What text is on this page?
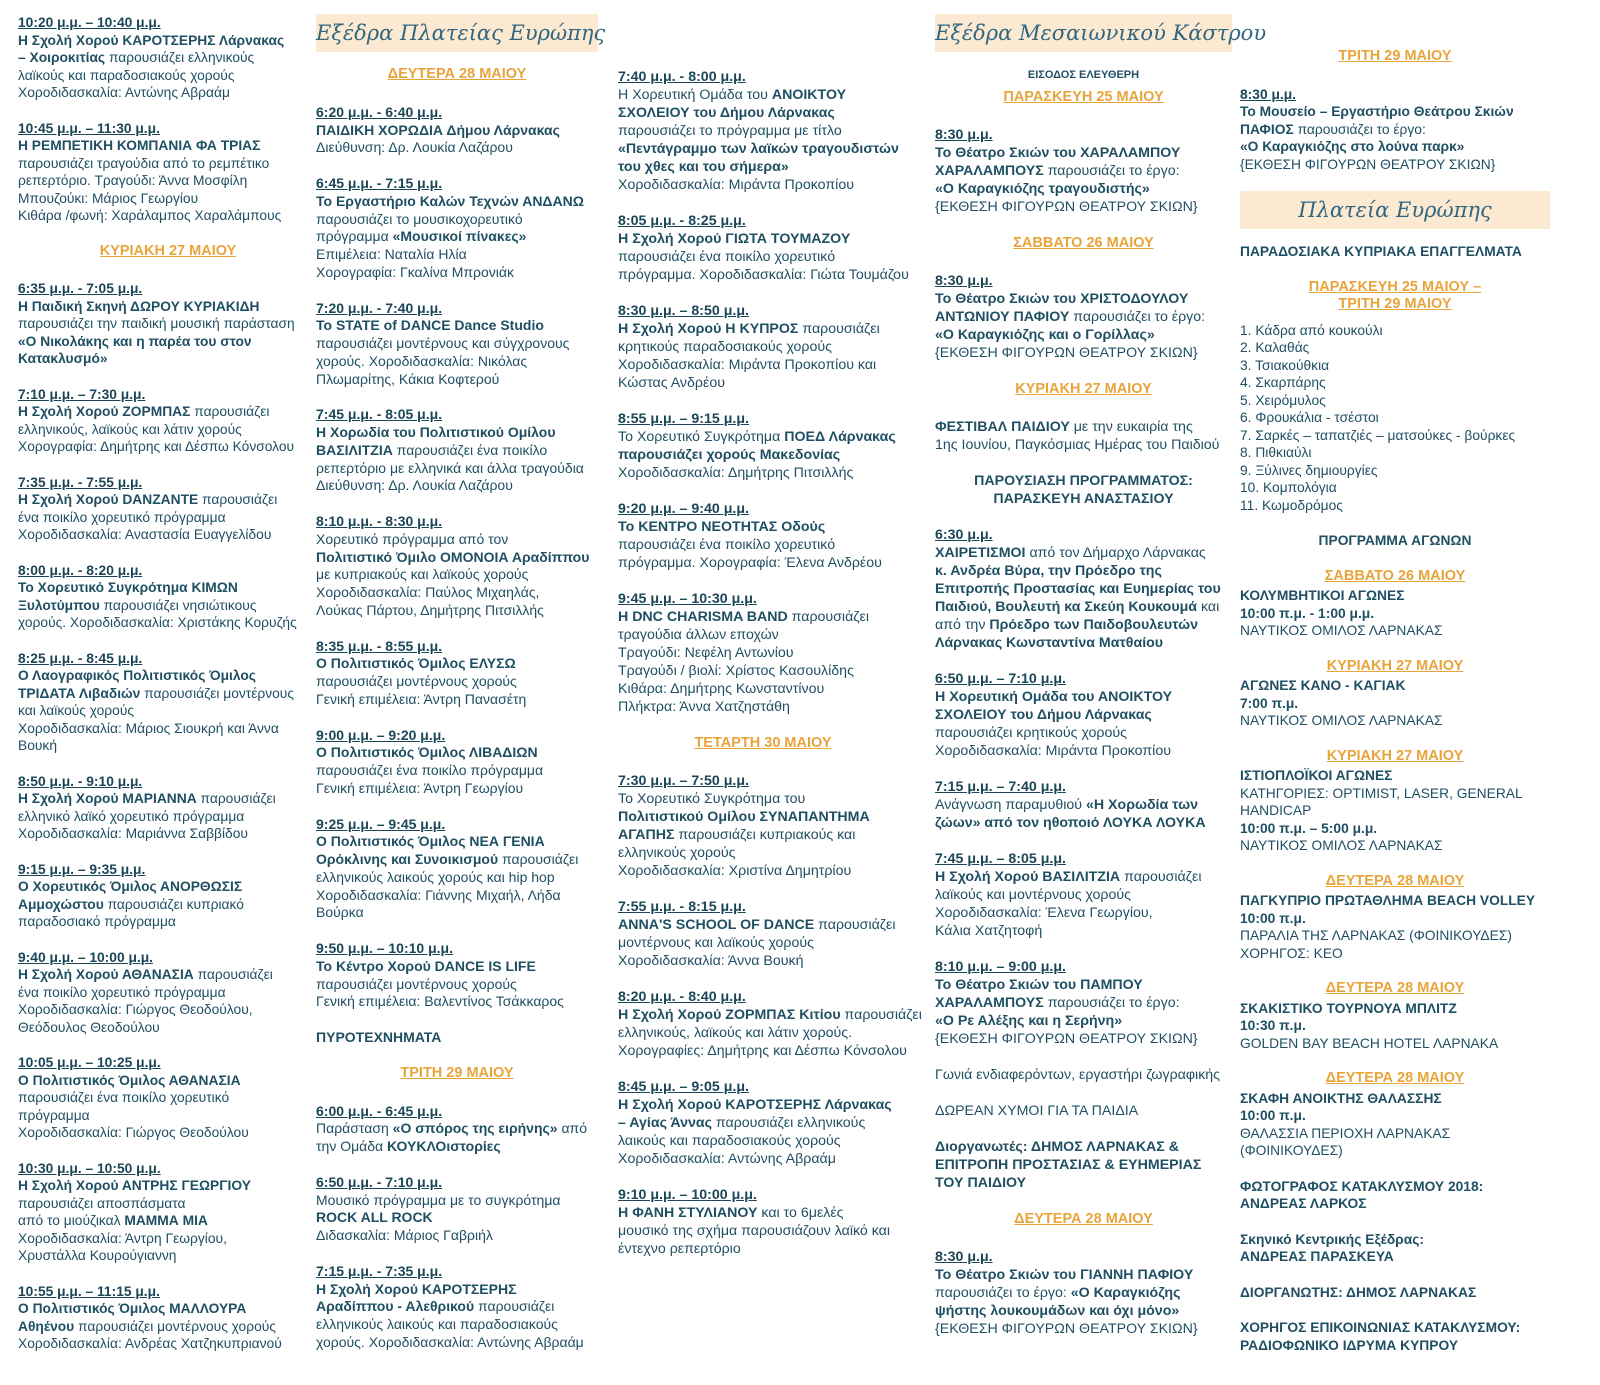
10:20 μ.μ. – 10:40 μ.μ.
Η Σχολή Χορού ΚΑΡΟΤΣΕΡΗΣ Λάρνακας
– Χοιροκιτίας παρουσιάζει ελληνικούς
λαϊκούς και παραδοσιακούς χορούς
Χοροδιδασκαλία: Αντώνης Αβραάμ
10:45 μ.μ. – 11:30 μ.μ.
Η ΡΕΜΠΕΤΙΚΗ ΚΟΜΠΑΝΙΑ ΦΑ ΤΡΙΑΣ
παρουσιάζει τραγούδια από το ρεμπέτικο
ρεπερτόριο. Τραγούδι: Άννα Μοσφίλη
Μπουζούκι: Μάριος Γεωργίου
Κιθάρα /φωνή: Χαράλαμπος Χαραλάμπους
ΚΥΡΙΑΚΗ 27 ΜΑΙΟΥ
6:35 μ.μ. - 7:05 μ.μ.
Η Παιδική Σκηνή ΔΩΡΟΥ ΚΥΡΙΑΚΙΔΗ
παρουσιάζει την παιδική μουσική παράσταση
«Ο Νικολάκης και η παρέα του στον
Κατακλυσμό»
7:10 μ.μ. – 7:30 μ.μ.
Η Σχολή Χορού ΖΟΡΜΠΑΣ παρουσιάζει
ελληνικούς, λαϊκούς και λάτιν χορούς
Χορογραφία: Δημήτρης και Δέσπω Κόνσολου
7:35 μ.μ. - 7:55 μ.μ.
Η Σχολή Χορού DANZANTE παρουσιάζει
ένα ποικίλο χορευτικό πρόγραμμα
Χοροδιδασκαλία: Αναστασία Ευαγγελίδου
8:00 μ.μ. - 8:20 μ.μ.
Το Χορευτικό Συγκρότημα ΚΙΜΩΝ
Ξυλοτύμπου παρουσιάζει νησιώτικους
χορούς. Χοροδιδασκαλία: Χριστάκης Κορυζής
8:25 μ.μ. - 8:45 μ.μ.
Ο Λαογραφικός Πολιτιστικός Όμιλος
ΤΡΙΔΑΤΑ Λιβαδιών παρουσιάζει μοντέρνους
και λαϊκούς χορούς
Χοροδιδασκαλία: Μάριος Σιουκρή και Άννα
Βουκή
8:50 μ.μ. - 9:10 μ.μ.
Η Σχολή Χορού ΜΑΡΙΑΝΝΑ παρουσιάζει
ελληνικό λαϊκό χορευτικό πρόγραμμα
Χοροδιδασκαλία: Μαριάννα Σαββίδου
9:15 μ.μ. – 9:35 μ.μ.
Ο Χορευτικός Όμιλος ΑΝΟΡΘΩΣΙΣ
Αμμοχώστου παρουσιάζει κυπριακό
παραδοσιακό πρόγραμμα
9:40 μ.μ. – 10:00 μ.μ.
Η Σχολή Χορού ΑΘΑΝΑΣΙΑ παρουσιάζει
ένα ποικίλο χορευτικό πρόγραμμα
Χοροδιδασκαλία: Γιώργος Θεοδούλου,
Θεόδουλος Θεοδούλου
10:05 μ.μ. – 10:25 μ.μ.
Ο Πολιτιστικός Όμιλος ΑΘΑΝΑΣΙΑ
παρουσιάζει ένα ποικίλο χορευτικό
πρόγραμμα
Χοροδιδασκαλία: Γιώργος Θεοδούλου
10:30 μ.μ. – 10:50 μ.μ.
Η Σχολή Χορού ΑΝΤΡΗΣ ΓΕΩΡΓΙΟΥ
παρουσιάζει αποσπάσματα
από το μιούζικαλ ΜΑΜΜΑ ΜΙΑ
Χοροδιδασκαλία: Άντρη Γεωργίου,
Χρυστάλλα Κουρούγιαννη
10:55 μ.μ. – 11:15 μ.μ.
Ο Πολιτιστικός Όμιλος ΜΑΛΛΟΥΡΑ
Αθηένου παρουσιάζει μοντέρνους χορούς
Χοροδιδασκαλία: Ανδρέας Χατζηκυπριανού
Εξέδρα Πλατείας Ευρώπης
ΔΕΥΤΕΡΑ 28 ΜΑΙΟΥ
6:20 μ.μ. - 6:40 μ.μ.
ΠΑΙΔΙΚΗ ΧΟΡΩΔΙΑ Δήμου Λάρνακας
Διεύθυνση: Δρ. Λουκία Λαζάρου
6:45 μ.μ. - 7:15 μ.μ.
Το Εργαστήριο Καλών Τεχνών ΑΝΔΑΝΩ
παρουσιάζει το μουσικοχορευτικό
πρόγραμμα «Μουσικοί πίνακες»
Επιμέλεια: Ναταλία Ηλία
Χορογραφία: Γκαλίνα Μπρονιάκ
7:20 μ.μ. - 7:40 μ.μ.
To STATE of DANCE Dance Studio
παρουσιάζει μοντέρνους και σύγχρονους
χορούς. Χοροδιδασκαλία: Νικόλας
Πλωμαρίτης, Κάκια Κοφτερού
7:45 μ.μ. - 8:05 μ.μ.
Η Χορωδία του Πολιτιστικού Ομίλου
ΒΑΣΙΛΙΤΖΙΑ παρουσιάζει ένα ποικίλο
ρεπερτόριο με ελληνικά και άλλα τραγούδια
Διεύθυνση: Δρ. Λουκία Λαζάρου
8:10 μ.μ. - 8:30 μ.μ.
Χορευτικό πρόγραμμα από τον
Πολιτιστικό Όμιλο ΟΜΟΝΟΙΑ Αραδίππου
με κυπριακούς και λαϊκούς χορούς
Χοροδιδασκαλία: Παύλος Μιχαηλάς,
Λούκας Πάρτου, Δημήτρης Πιτσιλλής
8:35 μ.μ. - 8:55 μ.μ.
Ο Πολιτιστικός Όμιλος ΕΛΥΣΩ
παρουσιάζει μοντέρνους χορούς
Γενική επιμέλεια: Άντρη Πανασέτη
9:00 μ.μ. – 9:20 μ.μ.
Ο Πολιτιστικός Όμιλος ΛΙΒΑΔΙΩΝ
παρουσιάζει ένα ποικίλο πρόγραμμα
Γενική επιμέλεια: Άντρη Γεωργίου
9:25 μ.μ. – 9:45 μ.μ.
Ο Πολιτιστικός Όμιλος ΝΕΑ ΓΕΝΙΑ
Ορόκλινης και Συνοικισμού παρουσιάζει
ελληνικούς λαικούς χορούς και hip hop
Χοροδιδασκαλία: Γιάννης Μιχαήλ, Λήδα
Βούρκα
9:50 μ.μ. – 10:10 μ.μ.
Το Κέντρο Χορού DANCE IS LIFE
παρουσιάζει μοντέρνους χορούς
Γενική επιμέλεια: Βαλεντίνος Τσάκκαρος
ΠΥΡΟΤΕΧΝΗΜΑΤΑ
ΤΡΙΤΗ 29 ΜΑΙΟΥ
6:00 μ.μ. - 6:45 μ.μ.
Παράσταση «Ο σπόρος της ειρήνης» από
την Ομάδα ΚΟΥΚΛΟιστορίες
6:50 μ.μ. - 7:10 μ.μ.
Μουσικό πρόγραμμα με το συγκρότημα
ROCK ALL ROCK
Διδασκαλία: Μάριος Γαβριήλ
7:15 μ.μ. - 7:35 μ.μ.
Η Σχολή Χορού ΚΑΡΟΤΣΕΡΗΣ
Αραδίππου - Αλεθρικού παρουσιάζει
ελληνικούς λαικούς και παραδοσιακούς
χορούς. Χοροδιδασκαλία: Αντώνης Αβραάμ
7:40 μ.μ. - 8:00 μ.μ.
Η Χορευτική Ομάδα του ΑΝΟΙΚΤΟΥ
ΣΧΟΛΕΙΟΥ του Δήμου Λάρνακας
παρουσιάζει το πρόγραμμα με τίτλο
«Πεντάγραμμο των λαϊκών τραγουδιστών
του χθες και του σήμερα»
Χοροδιδασκαλία: Μιράντα Προκοπίου
8:05 μ.μ. - 8:25 μ.μ.
Η Σχολή Χορού ΓΙΩΤΑ ΤΟΥΜΑΖΟΥ
παρουσιάζει ένα ποικίλο χορευτικό
πρόγραμμα. Χοροδιδασκαλία: Γιώτα Τουμάζου
8:30 μ.μ. – 8:50 μ.μ.
Η Σχολή Χορού Η ΚΥΠΡΟΣ παρουσιάζει
κρητικούς παραδοσιακούς χορούς
Χοροδιδασκαλία: Μιράντα Προκοπίου και
Κώστας Ανδρέου
8:55 μ.μ. – 9:15 μ.μ.
Το Χορευτικό Συγκρότημα ΠΟΕΔ Λάρνακας
παρουσιάζει χορούς Μακεδονίας
Χοροδιδασκαλία: Δημήτρης Πιτσιλλής
9:20 μ.μ. – 9:40 μ.μ.
Το ΚΕΝΤΡΟ ΝΕΟΤΗΤΑΣ Οδούς
παρουσιάζει ένα ποικίλο χορευτικό
πρόγραμμα. Χορογραφία: Έλενα Ανδρέου
9:45 μ.μ. – 10:30 μ.μ.
Η DNC CHARISMA BAND παρουσιάζει
τραγούδια άλλων εποχών
Τραγούδι: Νεφέλη Αντωνίου
Τραγούδι / βιολί: Χρίστος Κασουλίδης
Κιθάρα: Δημήτρης Κωνσταντίνου
Πλήκτρα: Άννα Χατζηστάθη
ΤΕΤΑΡΤΗ 30 ΜΑΙΟΥ
7:30 μ.μ. – 7:50 μ.μ.
Το Χορευτικό Συγκρότημα του
Πολιτιστικού Ομίλου ΣΥΝΑΠΑΝΤΗΜΑ
ΑΓΑΠΗΣ παρουσιάζει κυπριακούς και
ελληνικούς χορούς
Χοροδιδασκαλία: Χριστίνα Δημητρίου
7:55 μ.μ. - 8:15 μ.μ.
ANNA'S SCHOOL OF DANCE παρουσιάζει
μοντέρνους και λαϊκούς χορούς
Χοροδιδασκαλία: Άννα Βουκή
8:20 μ.μ. - 8:40 μ.μ.
Η Σχολή Χορού ΖΟΡΜΠΑΣ Κιτίου παρουσιάζει
ελληνικούς, λαϊκούς και λάτιν χορούς.
Χορογραφίες: Δημήτρης και Δέσπω Κόνσολου
8:45 μ.μ. – 9:05 μ.μ.
Η Σχολή Χορού ΚΑΡΟΤΣΕΡΗΣ Λάρνακας
– Αγίας Άννας παρουσιάζει ελληνικούς
λαικούς και παραδοσιακούς χορούς
Χοροδιδασκαλία: Αντώνης Αβραάμ
9:10 μ.μ. – 10:00 μ.μ.
Η ΦΑΝΗ ΣΤΥΛΙΑΝΟΥ και το 6μελές
μουσικό της σχήμα παρουσιάζουν λαϊκό και
έντεχνο ρεπερτόριο
Εξέδρα Μεσαιωνικού Κάστρου
ΕΙΣΟΔΟΣ ΕΛΕΥΘΕΡΗ
ΠΑΡΑΣΚΕΥΗ 25 ΜΑΙΟΥ
8:30 μ.μ.
Το Θέατρο Σκιών του ΧΑΡΑΛΑΜΠΟΥ
ΧΑΡΑΛΑΜΠΟΥΣ παρουσιάζει το έργο:
«Ο Καραγκιόζης τραγουδιστής»
{ΕΚΘΕΣΗ ΦΙΓΟΥΡΩΝ ΘΕΑΤΡΟΥ ΣΚΙΩΝ}
ΣΑΒΒΑΤΟ 26 ΜΑΙΟΥ
8:30 μ.μ.
Το Θέατρο Σκιών του ΧΡΙΣΤΟΔΟΥΛΟΥ
ΑΝΤΩΝΙΟΥ ΠΑΦΙΟΥ παρουσιάζει το έργο:
«Ο Καραγκιόζης και ο Γορίλλας»
{ΕΚΘΕΣΗ ΦΙΓΟΥΡΩΝ ΘΕΑΤΡΟΥ ΣΚΙΩΝ}
ΚΥΡΙΑΚΗ 27 ΜΑΙΟΥ
ΦΕΣΤΙΒΑΛ ΠΑΙΔΙΟΥ με την ευκαιρία της
1ης Ιουνίου, Παγκόσμιας Ημέρας του Παιδιού
ΠΑΡΟΥΣΙΑΣΗ ΠΡΟΓΡΑΜΜΑΤΟΣ:
ΠΑΡΑΣΚΕΥΗ ΑΝΑΣΤΑΣΙΟΥ
6:30 μ.μ.
ΧΑΙΡΕΤΙΣΜΟΙ από τον Δήμαρχο Λάρνακας
κ. Ανδρέα Βύρα, την Πρόεδρο της
Επιτροπής Προστασίας και Ευημερίας του
Παιδιού, Βουλευτή κα Σκεύη Κουκουμά και
από την Πρόεδρο των Παιδοβουλευτών
Λάρνακας Κωνσταντίνα Ματθαίου
6:50 μ.μ. – 7:10 μ.μ.
Η Χορευτική Ομάδα του ΑΝΟΙΚΤΟΥ
ΣΧΟΛΕΙΟΥ του Δήμου Λάρνακας
παρουσιάζει κρητικούς χορούς
Χοροδιδασκαλία: Μιράντα Προκοπίου
7:15 μ.μ. – 7:40 μ.μ.
Ανάγνωση παραμυθιού «Η Χορωδία των
ζώων» από τον ηθοποιό ΛΟΥΚΑ ΛΟΥΚΑ
7:45 μ.μ. – 8:05 μ.μ.
Η Σχολή Χορού ΒΑΣΙΛΙΤΖΙΑ παρουσιάζει
λαϊκούς και μοντέρνους χορούς
Χοροδιδασκαλία: Έλενα Γεωργίου,
Κάλια Χατζητοφή
8:10 μ.μ. – 9:00 μ.μ.
Το Θέατρο Σκιών του ΠΑΜΠΟΥ
ΧΑΡΑΛΑΜΠΟΥΣ παρουσιάζει το έργο:
«Ο Ρε Αλέξης και η Σερήνη»
{ΕΚΘΕΣΗ ΦΙΓΟΥΡΩΝ ΘΕΑΤΡΟΥ ΣΚΙΩΝ}
Γωνιά ενδιαφερόντων, εργαστήρι ζωγραφικής
ΔΩΡΕΑΝ ΧΥΜΟΙ ΓΙΑ ΤΑ ΠΑΙΔΙΑ
Διοργανωτές: ΔΗΜΟΣ ΛΑΡΝΑΚΑΣ &
ΕΠΙΤΡΟΠΗ ΠΡΟΣΤΑΣΙΑΣ & ΕΥΗΜΕΡΙΑΣ
ΤΟΥ ΠΑΙΔΙΟΥ
ΔΕΥΤΕΡΑ 28 ΜΑΙΟΥ
8:30 μ.μ.
Το Θέατρο Σκιών του ΓΙΑΝΝΗ ΠΑΦΙΟΥ
παρουσιάζει το έργο: «Ο Καραγκιόζης
ψήστης λουκουμάδων και όχι μόνο»
{ΕΚΘΕΣΗ ΦΙΓΟΥΡΩΝ ΘΕΑΤΡΟΥ ΣΚΙΩΝ}
ΤΡΙΤΗ 29 ΜΑΙΟΥ
8:30 μ.μ.
Το Μουσείο – Εργαστήριο Θεάτρου Σκιών
ΠΑΦΙΟΣ παρουσιάζει το έργο:
«Ο Καραγκιόζης στο λούνα παρκ»
{ΕΚΘΕΣΗ ΦΙΓΟΥΡΩΝ ΘΕΑΤΡΟΥ ΣΚΙΩΝ}
Πλατεία Ευρώπης
ΠΑΡΑΔΟΣΙΑΚΑ ΚΥΠΡΙΑΚΑ ΕΠΑΓΓΕΛΜΑΤΑ
ΠΑΡΑΣΚΕΥΗ 25 ΜΑΙΟΥ –
ΤΡΙΤΗ 29 ΜΑΙΟΥ
1. Κάδρα από κουκούλι
2. Καλαθάς
3. Τσιακούθκια
4. Σκαρπάρης
5. Χειρόμυλος
6. Φρουκάλια - τσέστοι
7. Σαρκές – ταπατζιές – ματσούκες - βούρκες
8. Πιθκιαύλι
9. Ξύλινες δημιουργίες
10. Κομπολόγια
11. Κωμοδρόμος
ΠΡΟΓΡΑΜΜΑ ΑΓΩΝΩΝ
ΣΑΒΒΑΤΟ 26 ΜΑΙΟΥ
ΚΟΛΥΜΒΗΤΙΚΟΙ ΑΓΩΝΕΣ
10:00 π.μ. - 1:00 μ.μ.
ΝΑΥΤΙΚΟΣ ΟΜΙΛΟΣ ΛΑΡΝΑΚΑΣ
ΚΥΡΙΑΚΗ 27 ΜΑΙΟΥ
ΑΓΩΝΕΣ ΚΑΝΟ - ΚΑΓΙΑΚ
7:00 π.μ.
ΝΑΥΤΙΚΟΣ ΟΜΙΛΟΣ ΛΑΡΝΑΚΑΣ
ΚΥΡΙΑΚΗ 27 ΜΑΙΟΥ
ΙΣΤΙΟΠΛΟΪΚΟΙ ΑΓΩΝΕΣ
ΚΑΤΗΓΟΡΙΕΣ: OPTIMIST, LASER, GENERAL
HANDICAP
10:00 π.μ. – 5:00 μ.μ.
ΝΑΥΤΙΚΟΣ ΟΜΙΛΟΣ ΛΑΡΝΑΚΑΣ
ΔΕΥΤΕΡΑ 28 ΜΑΙΟΥ
ΠΑΓΚΥΠΡΙΟ ΠΡΩΤΑΘΛΗΜΑ BEACH VOLLEY
10:00 π.μ.
ΠΑΡΑΛΙΑ ΤΗΣ ΛΑΡΝΑΚΑΣ (ΦΟΙΝΙΚΟΥΔΕΣ)
ΧΟΡΗΓΟΣ: ΚΕΟ
ΔΕΥΤΕΡΑ 28 ΜΑΙΟΥ
ΣΚΑΚΙΣΤΙΚΟ ΤΟΥΡΝΟΥΑ ΜΠΛΙΤΖ
10:30 π.μ.
GOLDEN BAY BEACH HOTEL ΛΑΡΝΑΚΑ
ΔΕΥΤΕΡΑ 28 ΜΑΙΟΥ
ΣΚΑΦΗ ΑΝΟΙΚΤΗΣ ΘΑΛΑΣΣΗΣ
10:00 π.μ.
ΘΑΛΑΣΣΙΑ ΠΕΡΙΟΧΗ ΛΑΡΝΑΚΑΣ
(ΦΟΙΝΙΚΟΥΔΕΣ)
ΦΩΤΟΓΡΑΦΟΣ ΚΑΤΑΚΛΥΣΜΟΥ 2018:
ΑΝΔΡΕΑΣ ΛΑΡΚΟΣ
Σκηνικό Κεντρικής Εξέδρας:
ΑΝΔΡΕΑΣ ΠΑΡΑΣΚΕΥΑ
ΔΙΟΡΓΑΝΩΤΗΣ: ΔΗΜΟΣ ΛΑΡΝΑΚΑΣ
ΧΟΡΗΓΟΣ ΕΠΙΚΟΙΝΩΝΙΑΣ ΚΑΤΑΚΛΥΣΜΟΥ:
ΡΑΔΙΟΦΩΝΙΚΟ ΙΔΡΥΜΑ ΚΥΠΡΟΥ
